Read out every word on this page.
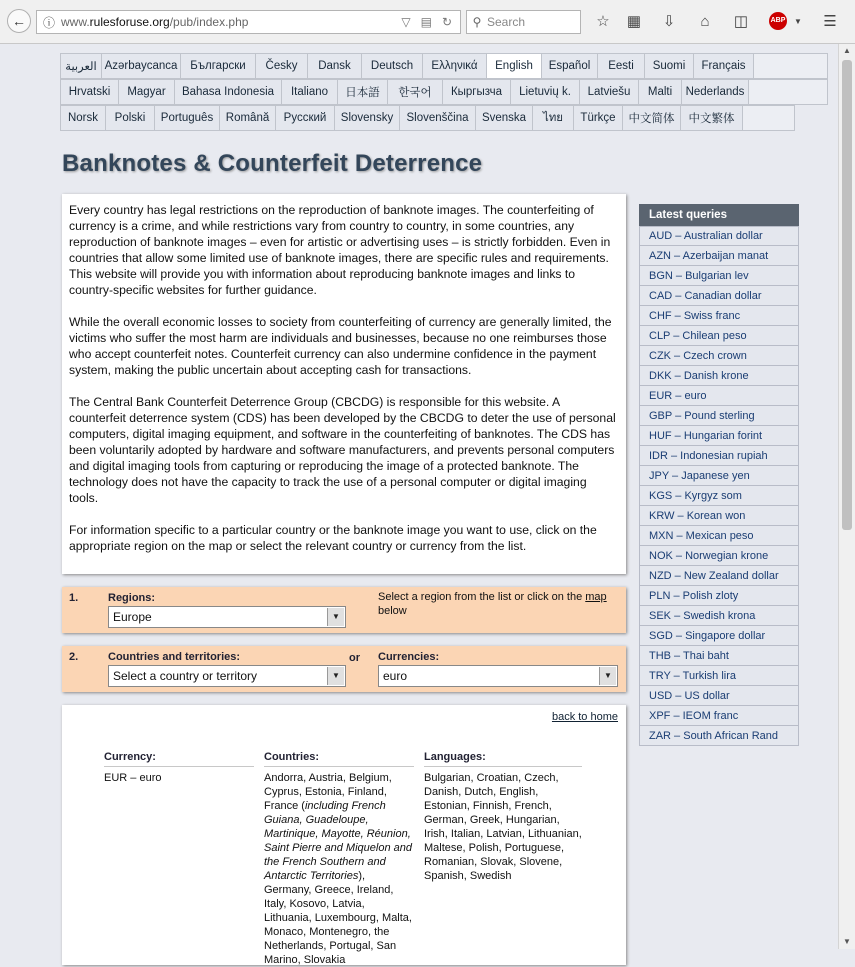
←	ⓘ www.rulesforuse.org/pub/index.php	▽ ▤ ↻	⚲ Search	☆ ▦ ⇩	⌂	◫	ABP	▼	☰
▲
▼
العربية Azərbaycanca	Български	Česky	Dansk	Deutsch	Ελληνικά	English	Español	Eesti	Suomi	Français
Hrvatski	Magyar	Bahasa Indonesia	Italiano	日本語	한국어	Кыргызча	Lietuvių k.	Latviešu	Malti	Nederlands
Norsk	Polski	Português	Română	Русский	Slovensky	Slovenščina	Svenska	ไทย	Türkçe	中文简体	中文繁体
Banknotes & Counterfeit Deterrence

Every country has legal restrictions on the reproduction of banknote images. The counterfeiting of currency is a crime, and while restrictions vary from country to country, in some countries, any reproduction of banknote images – even for artistic or advertising uses – is strictly forbidden. Even in countries that allow some limited use of banknote images, there are specific rules and requirements. This website will provide you with information about reproducing banknote images and links to country-specific websites for further guidance.

While the overall economic losses to society from counterfeiting of currency are generally limited, the victims who suffer the most harm are individuals and businesses, because no one reimburses those who accept counterfeit notes. Counterfeit currency can also undermine confidence in the payment system, making the public uncertain about accepting cash for transactions.

The Central Bank Counterfeit Deterrence Group (CBCDG) is responsible for this website. A counterfeit deterrence system (CDS) has been developed by the CBCDG to deter the use of personal computers, digital imaging equipment, and software in the counterfeiting of banknotes. The CDS has been voluntarily adopted by hardware and software manufacturers, and prevents personal computers and digital imaging tools from capturing or reproducing the image of a protected banknote. The technology does not have the capacity to track the use of a personal computer or digital imaging tools.

For information specific to a particular country or the banknote image you want to use, click on the appropriate region on the map or select the relevant country or currency from the list.

1.	Regions:
Europe	▼
Select a region from the list or click on the map below
2.	Countries and territories:
Select a country or territory	▼
or Currencies:
euro	▼
back to home
Currency:
EUR – euro
Countries:
Andorra, Austria, Belgium, Cyprus, Estonia, Finland, France (including French Guiana, Guadeloupe, Martinique, Mayotte, Réunion, Saint Pierre and Miquelon and the French Southern and Antarctic Territories), Germany, Greece, Ireland, Italy, Kosovo, Latvia, Lithuania, Luxembourg, Malta, Monaco, Montenegro, the Netherlands, Portugal, San Marino, Slovakia
Languages:
Bulgarian, Croatian, Czech, Danish, Dutch, English, Estonian, Finnish, French, German, Greek, Hungarian, Irish, Italian, Latvian, Lithuanian, Maltese, Polish, Portuguese, Romanian, Slovak, Slovene, Spanish, Swedish
Latest queries
AUD – Australian dollar
AZN – Azerbaijan manat
BGN – Bulgarian lev
CAD – Canadian dollar
CHF – Swiss franc
CLP – Chilean peso
CZK – Czech crown
DKK – Danish krone
EUR – euro
GBP – Pound sterling
HUF – Hungarian forint
IDR – Indonesian rupiah
JPY – Japanese yen
KGS – Kyrgyz som
KRW – Korean won
MXN – Mexican peso
NOK – Norwegian krone
NZD – New Zealand dollar
PLN – Polish zloty
SEK – Swedish krona
SGD – Singapore dollar
THB – Thai baht
TRY – Turkish lira
USD – US dollar
XPF – IEOM franc
ZAR – South African Rand
